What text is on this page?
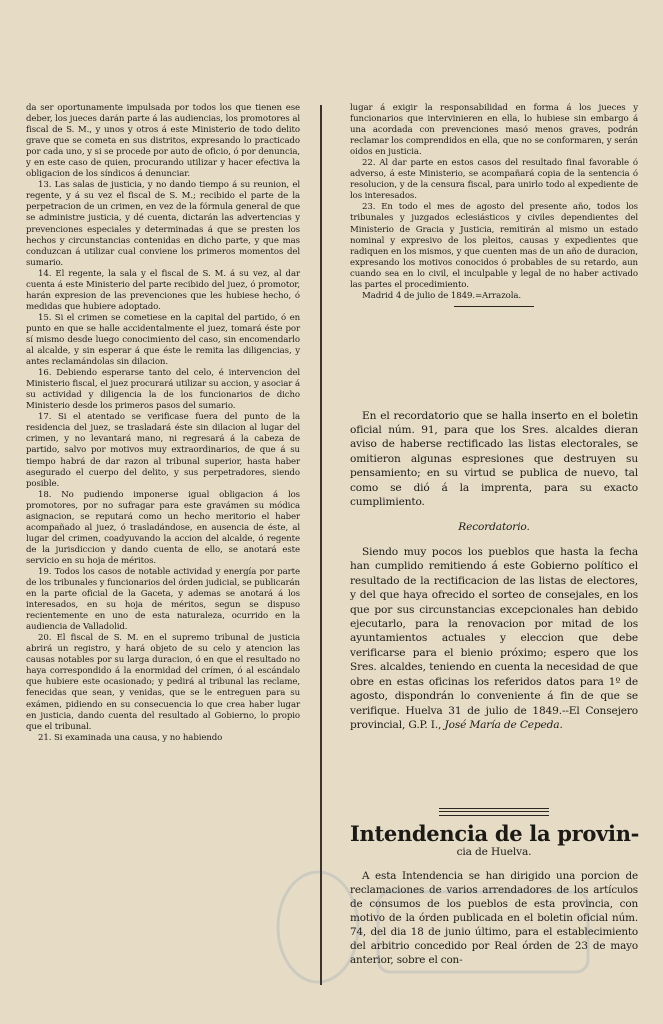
da ser oportunamente impulsada por todos los que tienen ese deber, los jueces darán parte á las audiencias, los promotores al fiscal de S. M., y unos y otros á este Ministerio de todo delito grave que se cometa en sus distritos, expresando lo practicado por cada uno, y si se procede por auto de oficio, ó por denuncia, y en este caso de quien, procurando utilizar y hacer efectiva la obligacion de los síndicos á denunciar.

13. Las salas de justicia, y no dando tiempo á su reunion, el regente, y á su vez el fiscal de S. M.; recibido el parte de la perpetracion de un crimen, en vez de la fórmula general de que se administre justicia, y dé cuenta, dictarán las advertencias y prevenciones especiales y determinadas á que se presten los hechos y circunstancias contenidas en dicho parte, y que mas conduzcan á utilizar cual conviene los primeros momentos del sumario.

14. El regente, la sala y el fiscal de S. M. á su vez, al dar cuenta á este Ministerio del parte recibido del juez, ó promotor, harán expresion de las prevenciones que les hubiese hecho, ó medidas que hubiere adoptado.

15. Si el crimen se cometiese en la capital del partido, ó en punto en que se halle accidentalmente el juez, tomará éste por sí mismo desde luego conocimiento del caso, sin encomendarlo al alcalde, y sin esperar á que éste le remita las diligencias, y antes reclamándolas sin dilacion.

16. Debiendo esperarse tanto del celo, é intervencion del Ministerio fiscal, el juez procurará utilizar su accion, y asociar á su actividad y diligencia la de los funcionarios de dicho Ministerio desde los primeros pasos del sumario.

17. Si el atentado se verificase fuera del punto de la residencia del juez, se trasladará éste sin dilacion al lugar del crimen, y no levantará mano, ni regresará á la cabeza de partido, salvo por motivos muy extraordinarios, de que á su tiempo habrá de dar razon al tribunal superior, hasta haber asegurado el cuerpo del delito, y sus perpetradores, siendo posible.

18. No pudiendo imponerse igual obligacion á los promotores, por no sufragar para este gravámen su módica asignacion, se reputará como un hecho meritorio el haber acompañado al juez, ó trasladándose, en ausencia de éste, al lugar del crimen, coadyuvando la accion del alcalde, ó regente de la jurisdiccion y dando cuenta de ello, se anotará este servicio en su hoja de méritos.

19. Todos los casos de notable actividad y energía por parte de los tribunales y funcionarios del órden judicial, se publicarán en la parte oficial de la Gaceta, y ademas se anotará á los interesados, en su hoja de méritos, segun se dispuso recientemente en uno de esta naturaleza, ocurrido en la audiencia de Valladolid.

20. El fiscal de S. M. en el supremo tribunal de justicia abrirá un registro, y hará objeto de su celo y atencion las causas notables por su larga duracion, ó en que el resultado no haya correspondido á la enormidad del crímen, ó al escándalo que hubiere este ocasionado; y pedirá al tribunal las reclame, fenecidas que sean, y venidas, que se le entreguen para su exámen, pidiendo en su consecuencia lo que crea haber lugar en justicia, dando cuenta del resultado al Gobierno, lo propio que el tribunal.

21. Si examinada una causa, y no habiendo

lugar á exigir la responsabilidad en forma á los jueces y funcionarios que intervinieren en ella, lo hubiese sin embargo á una acordada con prevenciones masó menos graves, podrán reclamar los comprendidos en ella, que no se conformaren, y serán oidos en justicia.

22. Al dar parte en estos casos del resultado final favorable ó adverso, á este Ministerio, se acompañará copia de la sentencia ó resolucion, y de la censura fiscal, para unirlo todo al expediente de los interesados.

23. En todo el mes de agosto del presente año, todos los tribunales y juzgados eclesiásticos y civiles dependientes del Ministerio de Gracia y Justicia, remitirán al mismo un estado nominal y expresivo de los pleitos, causas y expedientes que radiquen en los mismos, y que cuenten mas de un año de duracion, expresando los motivos conocidos ó probables de su retardo, aun cuando sea en lo civil, el inculpable y legal de no haber activado las partes el procedimiento.

Madrid 4 de julio de 1849.=Arrazola.

En el recordatorio que se halla inserto en el boletin oficial núm. 91, para que los Sres. alcaldes dieran aviso de haberse rectificado las listas electorales, se omitieron algunas espresiones que destruyen su pensamiento; en su virtud se publica de nuevo, tal como se dió á la imprenta, para su exacto cumplimiento.

Recordatorio.

Siendo muy pocos los pueblos que hasta la fecha han cumplido remitiendo á este Gobierno político el resultado de la rectificacion de las listas de electores, y del que haya ofrecido el sorteo de consejales, en los que por sus circunstancias excepcionales han debido ejecutarlo, para la renovacion por mitad de los ayuntamientos actuales y eleccion que debe verificarse para el bienio próximo; espero que los Sres. alcaldes, teniendo en cuenta la necesidad de que obre en estas oficinas los referidos datos para 1º de agosto, dispondrán lo conveniente á fin de que se verifique. Huelva 31 de julio de 1849.--El Consejero provincial, G.P. I., José María de Cepeda.

Intendencia de la provin-

cia de Huelva.

A esta Intendencia se han dirigido una porcion de reclamaciones de varios arrendadores de los artículos de consumos de los pueblos de esta provincia, con motivo de la órden publicada en el boletin oficial núm. 74, del dia 18 de junio último, para el establecimiento del arbitrio concedido por Real órden de 23 de mayo anterior, sobre el con-
